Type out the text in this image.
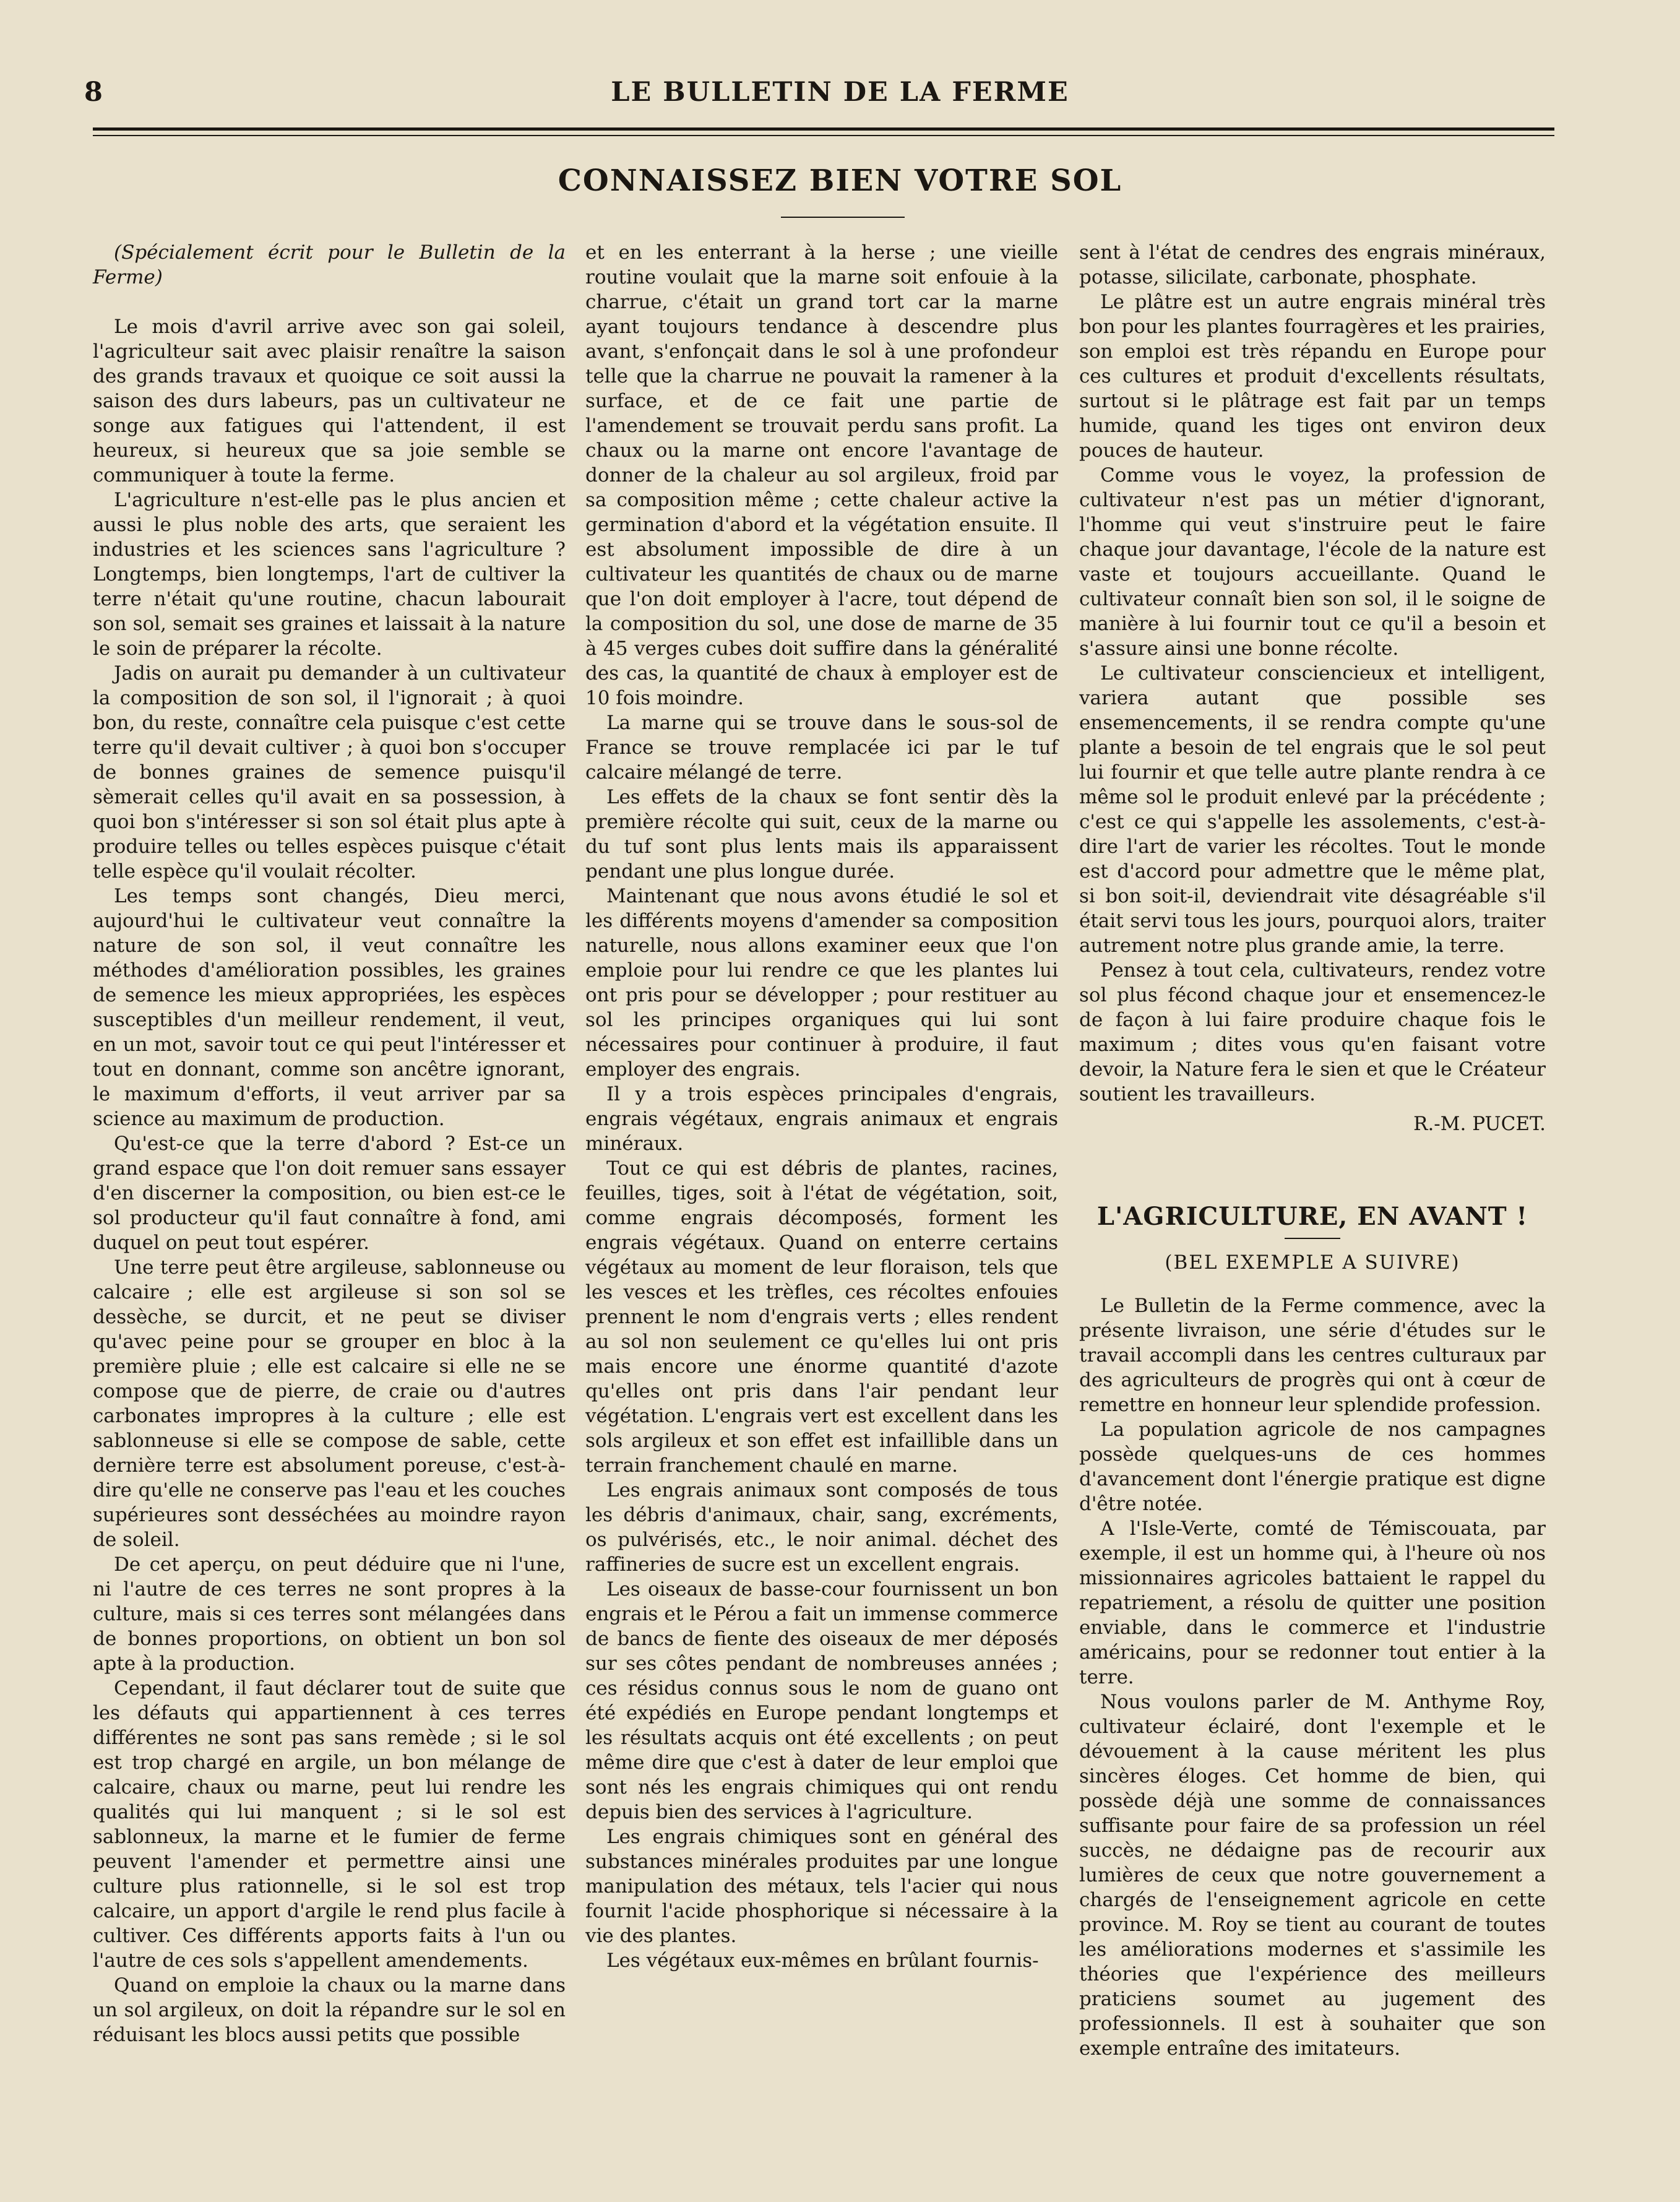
8	LE BULLETIN DE LA FERME
CONNAISSEZ BIEN VOTRE SOL

(Spécialement écrit pour le Bulletin de la Ferme)

Le mois d'avril arrive avec son gai soleil, l'agriculteur sait avec plaisir renaître la saison des grands travaux et quoique ce soit aussi la saison des durs labeurs, pas un cultivateur ne songe aux fatigues qui l'attendent, il est heureux, si heureux que sa joie semble se communiquer à toute la ferme.

L'agriculture n'est-elle pas le plus ancien et aussi le plus noble des arts, que seraient les industries et les sciences sans l'agriculture ? Longtemps, bien longtemps, l'art de cultiver la terre n'était qu'une routine, chacun labourait son sol, semait ses graines et laissait à la nature le soin de préparer la récolte.

Jadis on aurait pu demander à un cultivateur la composition de son sol, il l'ignorait ; à quoi bon, du reste, connaître cela puisque c'est cette terre qu'il devait cultiver ; à quoi bon s'occuper de bonnes graines de semence puisqu'il sèmerait celles qu'il avait en sa possession, à quoi bon s'intéresser si son sol était plus apte à produire telles ou telles espèces puisque c'était telle espèce qu'il voulait récolter.

Les temps sont changés, Dieu merci, aujourd'hui le cultivateur veut connaître la nature de son sol, il veut connaître les méthodes d'amélioration possibles, les graines de semence les mieux appropriées, les espèces susceptibles d'un meilleur rendement, il veut, en un mot, savoir tout ce qui peut l'intéresser et tout en donnant, comme son ancêtre ignorant, le maximum d'efforts, il veut arriver par sa science au maximum de production.

Qu'est-ce que la terre d'abord ? Est-ce un grand espace que l'on doit remuer sans essayer d'en discerner la composition, ou bien est-ce le sol producteur qu'il faut connaître à fond, ami duquel on peut tout espérer.

Une terre peut être argileuse, sablonneuse ou calcaire ; elle est argileuse si son sol se dessèche, se durcit, et ne peut se diviser qu'avec peine pour se grouper en bloc à la première pluie ; elle est calcaire si elle ne se compose que de pierre, de craie ou d'autres carbonates impropres à la culture ; elle est sablonneuse si elle se compose de sable, cette dernière terre est absolument poreuse, c'est-à-dire qu'elle ne conserve pas l'eau et les couches supérieures sont desséchées au moindre rayon de soleil.

De cet aperçu, on peut déduire que ni l'une, ni l'autre de ces terres ne sont propres à la culture, mais si ces terres sont mélangées dans de bonnes proportions, on obtient un bon sol apte à la production.

Cependant, il faut déclarer tout de suite que les défauts qui appartiennent à ces terres différentes ne sont pas sans remède ; si le sol est trop chargé en argile, un bon mélange de calcaire, chaux ou marne, peut lui rendre les qualités qui lui manquent ; si le sol est sablonneux, la marne et le fumier de ferme peuvent l'amender et permettre ainsi une culture plus rationnelle, si le sol est trop calcaire, un apport d'argile le rend plus facile à cultiver. Ces différents apports faits à l'un ou l'autre de ces sols s'appellent amendements.

Quand on emploie la chaux ou la marne dans un sol argileux, on doit la répandre sur le sol en réduisant les blocs aussi petits que possible

et en les enterrant à la herse ; une vieille routine voulait que la marne soit enfouie à la charrue, c'était un grand tort car la marne ayant toujours tendance à descendre plus avant, s'enfonçait dans le sol à une profondeur telle que la charrue ne pouvait la ramener à la surface, et de ce fait une partie de l'amendement se trouvait perdu sans profit. La chaux ou la marne ont encore l'avantage de donner de la chaleur au sol argileux, froid par sa composition même ; cette chaleur active la germination d'abord et la végétation ensuite. Il est absolument impossible de dire à un cultivateur les quantités de chaux ou de marne que l'on doit employer à l'acre, tout dépend de la composition du sol, une dose de marne de 35 à 45 verges cubes doit suffire dans la généralité des cas, la quantité de chaux à employer est de 10 fois moindre.

La marne qui se trouve dans le sous-sol de France se trouve remplacée ici par le tuf calcaire mélangé de terre.

Les effets de la chaux se font sentir dès la première récolte qui suit, ceux de la marne ou du tuf sont plus lents mais ils apparaissent pendant une plus longue durée.

Maintenant que nous avons étudié le sol et les différents moyens d'amender sa composition naturelle, nous allons examiner eeux que l'on emploie pour lui rendre ce que les plantes lui ont pris pour se développer ; pour restituer au sol les principes organiques qui lui sont nécessaires pour continuer à produire, il faut employer des engrais.

Il y a trois espèces principales d'engrais, engrais végétaux, engrais animaux et engrais minéraux.

Tout ce qui est débris de plantes, racines, feuilles, tiges, soit à l'état de végétation, soit, comme engrais décomposés, forment les engrais végétaux. Quand on enterre certains végétaux au moment de leur floraison, tels que les vesces et les trèfles, ces récoltes enfouies prennent le nom d'engrais verts ; elles rendent au sol non seulement ce qu'elles lui ont pris mais encore une énorme quantité d'azote qu'elles ont pris dans l'air pendant leur végétation. L'engrais vert est excellent dans les sols argileux et son effet est infaillible dans un terrain franchement chaulé en marne.

Les engrais animaux sont composés de tous les débris d'animaux, chair, sang, excréments, os pulvérisés, etc., le noir animal. déchet des raffineries de sucre est un excellent engrais.

Les oiseaux de basse-cour fournissent un bon engrais et le Pérou a fait un immense commerce de bancs de fiente des oiseaux de mer déposés sur ses côtes pendant de nombreuses années ; ces résidus connus sous le nom de guano ont été expédiés en Europe pendant longtemps et les résultats acquis ont été excellents ; on peut même dire que c'est à dater de leur emploi que sont nés les engrais chimiques qui ont rendu depuis bien des services à l'agriculture.

Les engrais chimiques sont en général des substances minérales produites par une longue manipulation des métaux, tels l'acier qui nous fournit l'acide phosphorique si nécessaire à la vie des plantes.

Les végétaux eux-mêmes en brûlant fournis-

sent à l'état de cendres des engrais minéraux, potasse, silicilate, carbonate, phosphate.

Le plâtre est un autre engrais minéral très bon pour les plantes fourragères et les prairies, son emploi est très répandu en Europe pour ces cultures et produit d'excellents résultats, surtout si le plâtrage est fait par un temps humide, quand les tiges ont environ deux pouces de hauteur.

Comme vous le voyez, la profession de cultivateur n'est pas un métier d'ignorant, l'homme qui veut s'instruire peut le faire chaque jour davantage, l'école de la nature est vaste et toujours accueillante. Quand le cultivateur connaît bien son sol, il le soigne de manière à lui fournir tout ce qu'il a besoin et s'assure ainsi une bonne récolte.

Le cultivateur consciencieux et intelligent, variera autant que possible ses ensemencements, il se rendra compte qu'une plante a besoin de tel engrais que le sol peut lui fournir et que telle autre plante rendra à ce même sol le produit enlevé par la précédente ; c'est ce qui s'appelle les assolements, c'est-à-dire l'art de varier les récoltes. Tout le monde est d'accord pour admettre que le même plat, si bon soit-il, deviendrait vite désagréable s'il était servi tous les jours, pourquoi alors, traiter autrement notre plus grande amie, la terre.

Pensez à tout cela, cultivateurs, rendez votre sol plus fécond chaque jour et ensemencez-le de façon à lui faire produire chaque fois le maximum ; dites vous qu'en faisant votre devoir, la Nature fera le sien et que le Créateur soutient les travailleurs.

R.-M. PUCET.

L'AGRICULTURE, EN AVANT !
(BEL EXEMPLE A SUIVRE)

Le Bulletin de la Ferme commence, avec la présente livraison, une série d'études sur le travail accompli dans les centres culturaux par des agriculteurs de progrès qui ont à cœur de remettre en honneur leur splendide profession.

La population agricole de nos campagnes possède quelques-uns de ces hommes d'avancement dont l'énergie pratique est digne d'être notée.

A l'Isle-Verte, comté de Témiscouata, par exemple, il est un homme qui, à l'heure où nos missionnaires agricoles battaient le rappel du repatriement, a résolu de quitter une position enviable, dans le commerce et l'industrie américains, pour se redonner tout entier à la terre.

Nous voulons parler de M. Anthyme Roy, cultivateur éclairé, dont l'exemple et le dévouement à la cause méritent les plus sincères éloges. Cet homme de bien, qui possède déjà une somme de connaissances suffisante pour faire de sa profession un réel succès, ne dédaigne pas de recourir aux lumières de ceux que notre gouvernement a chargés de l'enseignement agricole en cette province. M. Roy se tient au courant de toutes les améliorations modernes et s'assimile les théories que l'expérience des meilleurs praticiens soumet au jugement des professionnels. Il est à souhaiter que son exemple entraîne des imitateurs.
